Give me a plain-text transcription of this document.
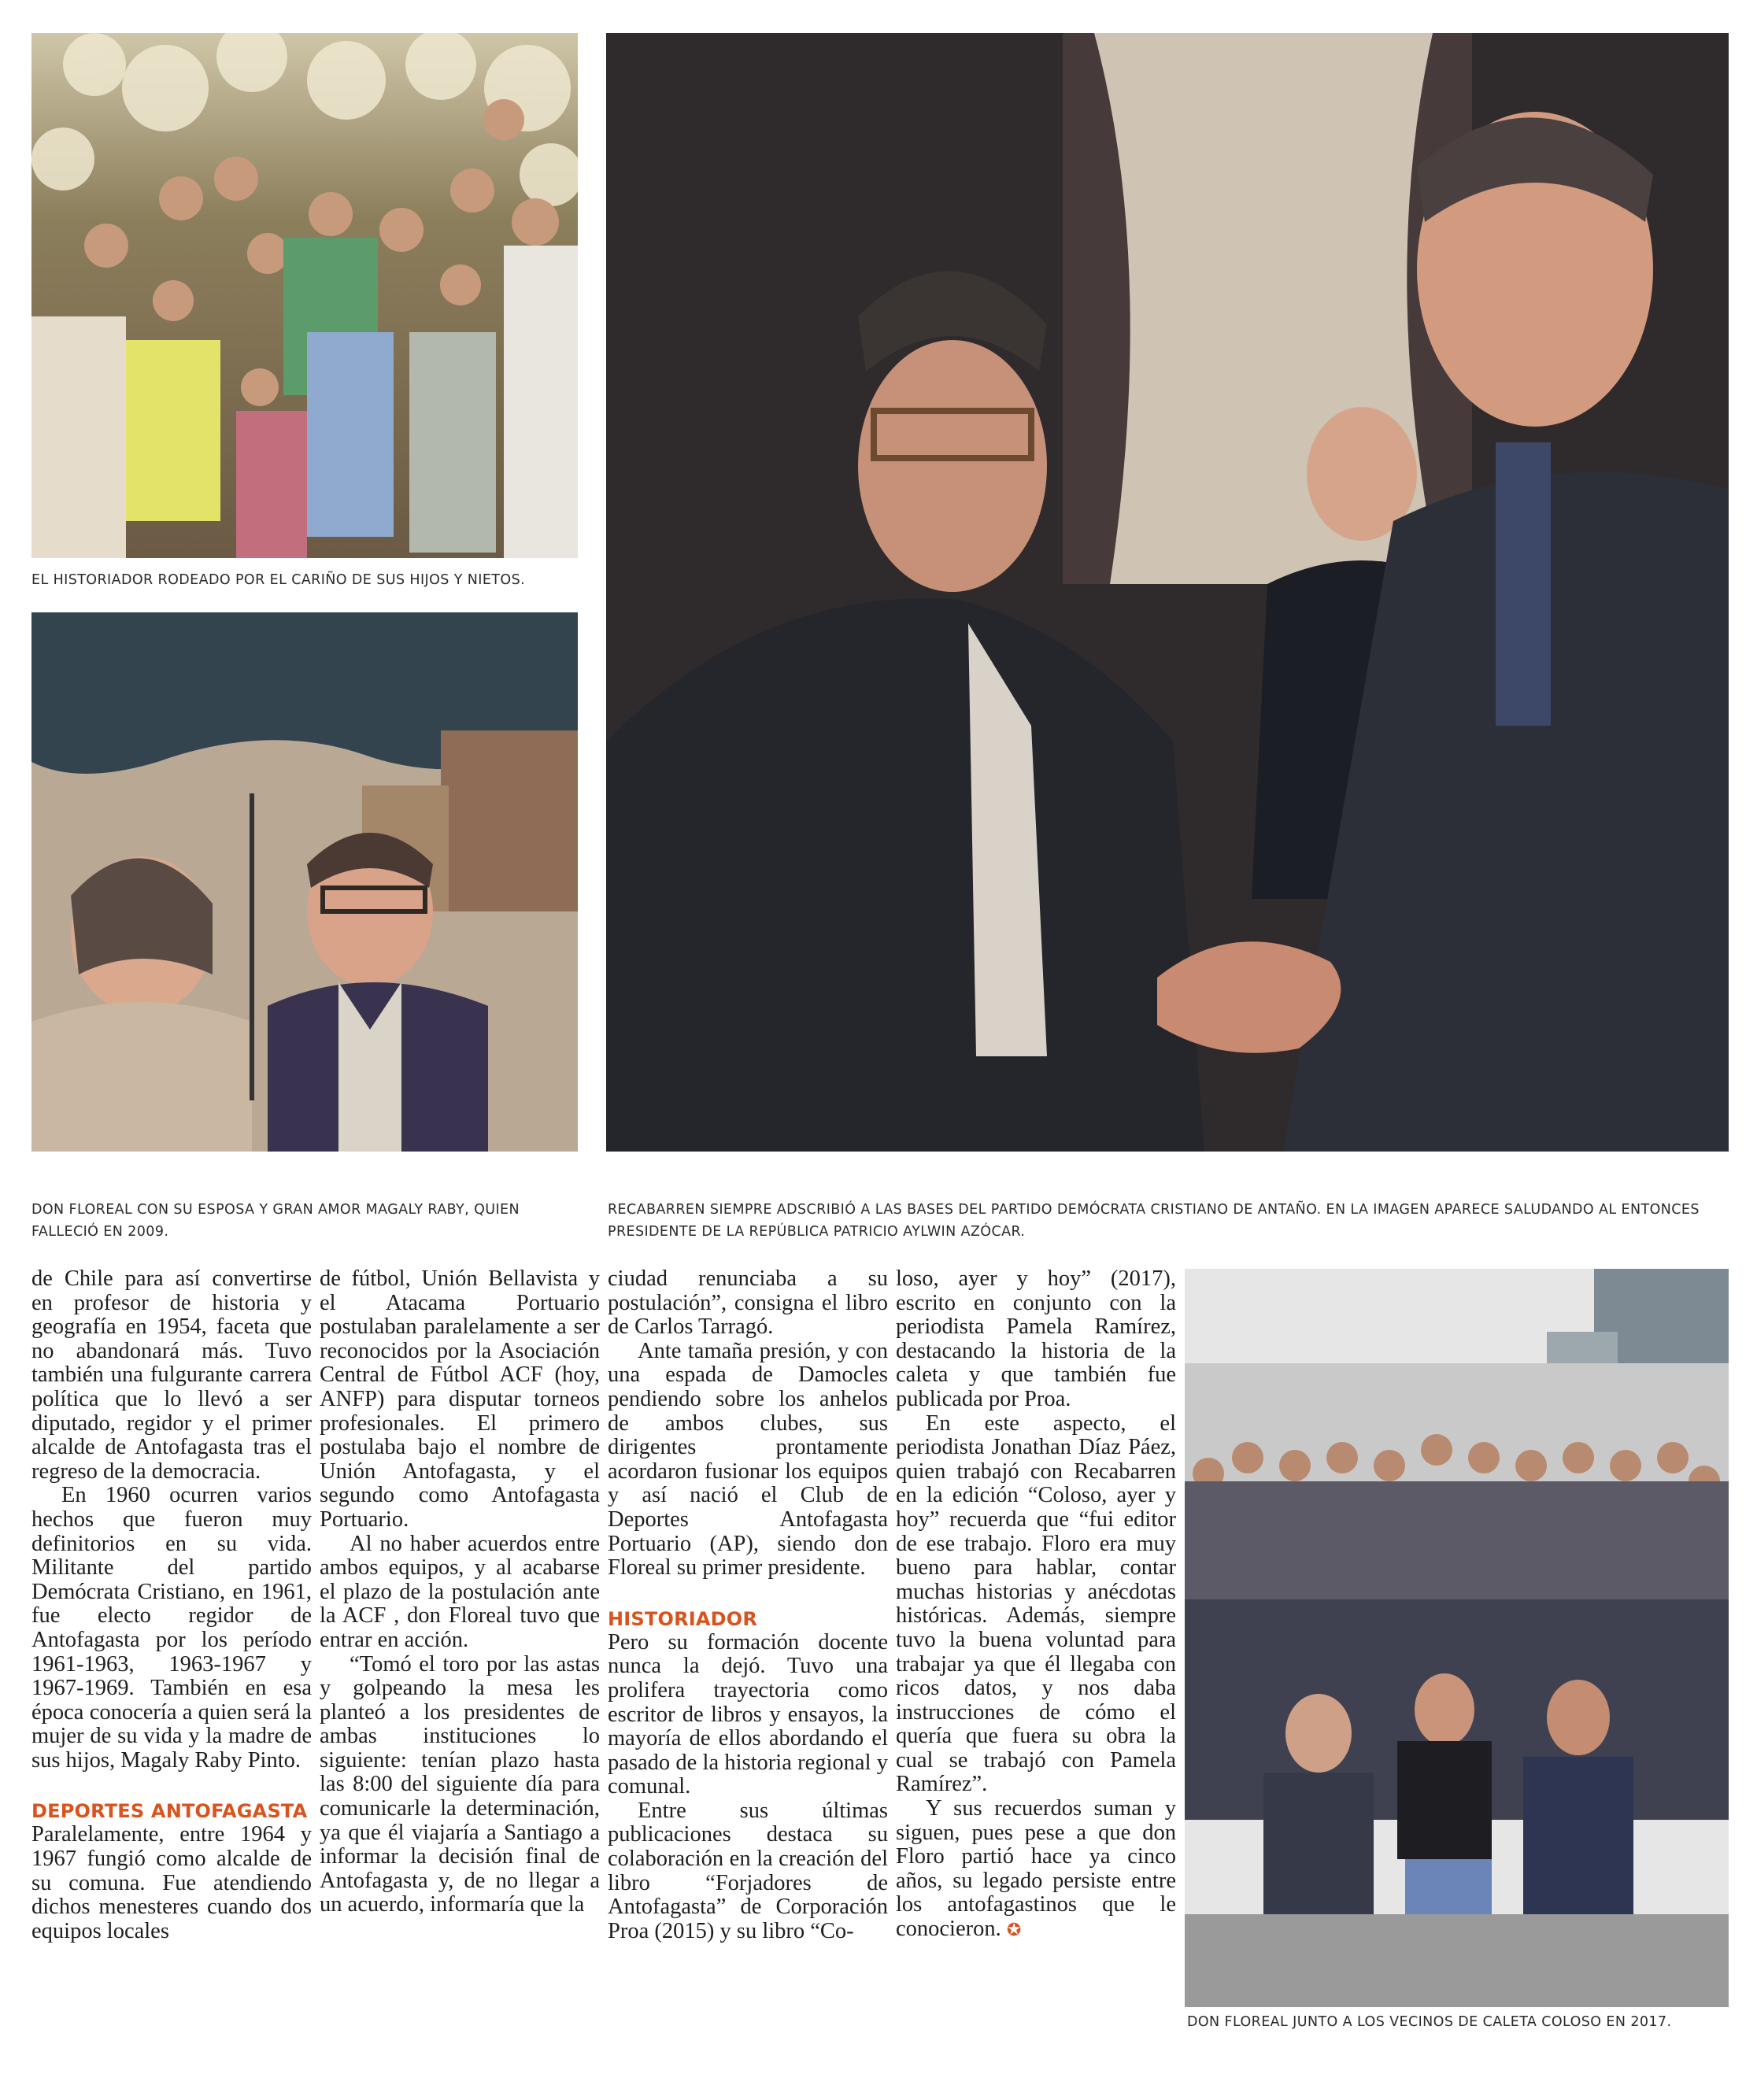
EL HISTORIADOR RODEADO POR EL CARIÑO DE SUS HIJOS Y NIETOS.
DON FLOREAL CON SU ESPOSA Y GRAN AMOR MAGALY RABY, QUIEN FALLECIÓ EN 2009.
RECABARREN SIEMPRE ADSCRIBIÓ A LAS BASES DEL PARTIDO DEMÓCRATA CRISTIANO DE ANTAÑO. EN LA IMAGEN APARECE SALUDANDO AL ENTONCES PRESIDENTE DE LA REPÚBLICA PATRICIO AYLWIN AZÓCAR.
DON FLOREAL JUNTO A LOS VECINOS DE CALETA COLOSO EN 2017.

de Chile para así convertirse en profesor de historia y geografía en 1954, faceta que no abandonará más. Tuvo también una fulgurante carrera política que lo llevó a ser diputado, regidor y el primer alcalde de Antofagasta tras el regreso de la democracia.

En 1960 ocurren varios hechos que fueron muy definitorios en su vida. Militante del partido Demócrata Cristiano, en 1961, fue electo regidor de Antofagasta por los período 1961-1963, 1963-1967 y 1967-1969. También en esa época conocería a quien será la mujer de su vida y la madre de sus hijos, Magaly Raby Pinto.

DEPORTES ANTOFAGASTA

Paralelamente, entre 1964 y 1967 fungió como alcalde de su comuna. Fue atendiendo dichos menesteres cuando dos equipos locales

de fútbol, Unión Bellavista y el Atacama Portuario postulaban paralelamente a ser reconocidos por la Asociación Central de Fútbol ACF (hoy, ANFP) para disputar torneos profesionales. El primero postulaba bajo el nombre de Unión Antofagasta, y el segundo como Antofagasta Portuario.

Al no haber acuerdos entre ambos equipos, y al acabarse el plazo de la postulación ante la ACF , don Floreal tuvo que entrar en acción.

“Tomó el toro por las astas y golpeando la mesa les planteó a los presidentes de ambas instituciones lo siguiente: tenían plazo hasta las 8:00 del siguiente día para comunicarle la determinación, ya que él viajaría a Santiago a informar la decisión final de Antofagasta y, de no llegar a un acuerdo, informaría que la

ciudad renunciaba a su postulación”, consigna el libro de Carlos Tarragó.

Ante tamaña presión, y con una espada de Damocles pendiendo sobre los anhelos de ambos clubes, sus dirigentes prontamente acordaron fusionar los equipos y así nació el Club de Deportes Antofagasta Portuario (AP), siendo don Floreal su primer presidente.

HISTORIADOR

Pero su formación docente nunca la dejó. Tuvo una prolifera trayectoria como escritor de libros y ensayos, la mayoría de ellos abordando el pasado de la historia regional y comunal.

Entre sus últimas publicaciones destaca su colaboración en la creación del libro “Forjadores de Antofagasta” de Corporación Proa (2015) y su libro “Co-

loso, ayer y hoy” (2017), escrito en conjunto con la periodista Pamela Ramírez, destacando la historia de la caleta y que también fue publicada por Proa.

En este aspecto, el periodista Jonathan Díaz Páez, quien trabajó con Recabarren en la edición “Coloso, ayer y hoy” recuerda que “fui editor de ese trabajo. Floro era muy bueno para hablar, contar muchas historias y anécdotas históricas. Además, siempre tuvo la buena voluntad para trabajar ya que él llegaba con ricos datos, y nos daba instrucciones de cómo el quería que fuera su obra la cual se trabajó con Pamela Ramírez”.

Y sus recuerdos suman y siguen, pues pese a que don Floro partió hace ya cinco años, su legado persiste entre los antofagastinos que le conocieron. ✪
